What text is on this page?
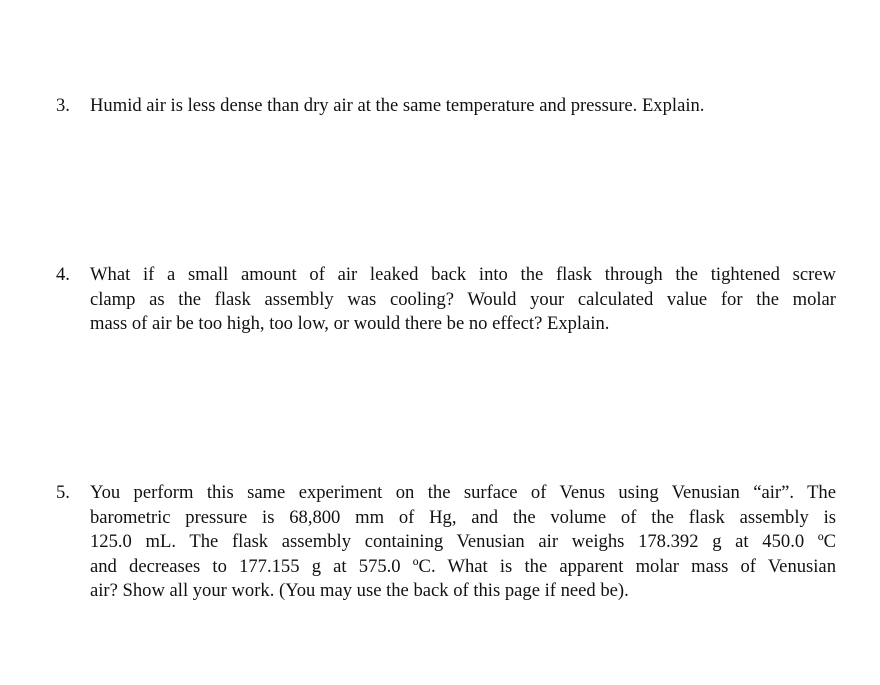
3.	Humid air is less dense than dry air at the same temperature and pressure. Explain.
4.	What if a small amount of air leaked back into the flask through the tightened screw
clamp as the flask assembly was cooling? Would your calculated value for the molar
mass of air be too high, too low, or would there be no effect? Explain.
5.	You perform this same experiment on the surface of Venus using Venusian “air”. The
barometric pressure is 68,800 mm of Hg, and the volume of the flask assembly is
125.0 mL. The flask assembly containing Venusian air weighs 178.392 g at 450.0 ºC
and decreases to 177.155 g at 575.0 ºC. What is the apparent molar mass of Venusian
air? Show all your work. (You may use the back of this page if need be).
